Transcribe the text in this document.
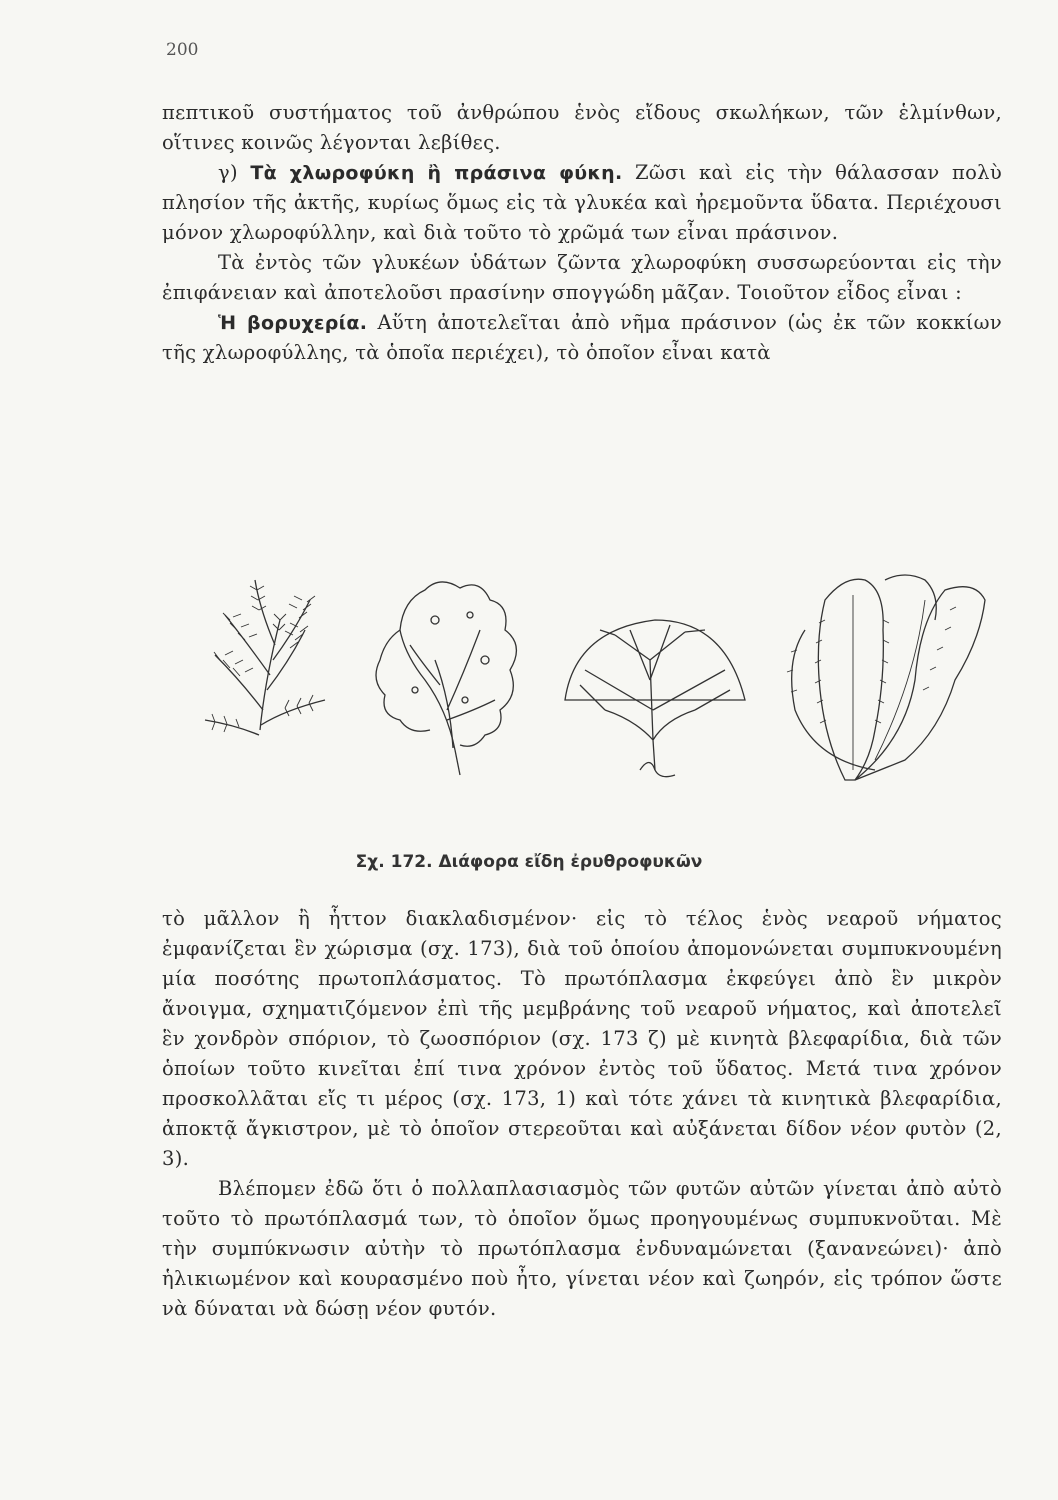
200

πεπτικοῦ συστήματος τοῦ ἀνθρώπου ἑνὸς εἴδους σκωλήκων, τῶν ἑλμίνθων, οἵτινες κοινῶς λέγονται λεβίθες.

γ) Τὰ χλωροφύκη ἢ πράσινα φύκη. Ζῶσι καὶ εἰς τὴν θάλασσαν πολὺ πλησίον τῆς ἀκτῆς, κυρίως ὅμως εἰς τὰ γλυκέα καὶ ἠρεμοῦντα ὕδατα. Περιέχουσι μόνον χλωροφύλλην, καὶ διὰ τοῦτο τὸ χρῶμά των εἶναι πράσινον.

Τὰ ἐντὸς τῶν γλυκέων ὑδάτων ζῶντα χλωροφύκη συσσωρεύονται εἰς τὴν ἐπιφάνειαν καὶ ἀποτελοῦσι πρασίνην σπογγώδη μᾶζαν. Τοιοῦτον εἶδος εἶναι :

Ἡ βορυχερία. Αὕτη ἀποτελεῖται ἀπὸ νῆμα πράσινον (ὡς ἐκ τῶν κοκκίων τῆς χλωροφύλλης, τὰ ὁποῖα περιέχει), τὸ ὁποῖον εἶναι κατὰ

Σχ. 172. Διάφορα εἴδη ἐρυθροφυκῶν

τὸ μᾶλλον ἢ ἧττον διακλαδισμένον· εἰς τὸ τέλος ἑνὸς νεαροῦ νήματος ἐμφανίζεται ἓν χώρισμα (σχ. 173), διὰ τοῦ ὁποίου ἀπομονώνεται συμπυκνουμένη μία ποσότης πρωτοπλάσματος. Τὸ πρωτόπλασμα ἐκφεύγει ἀπὸ ἓν μικρὸν ἄνοιγμα, σχηματιζόμενον ἐπὶ τῆς μεμβράνης τοῦ νεαροῦ νήματος, καὶ ἀποτελεῖ ἓν χονδρὸν σπόριον, τὸ ζωοσπόριον (σχ. 173 ζ) μὲ κινητὰ βλεφαρίδια, διὰ τῶν ὁποίων τοῦτο κινεῖται ἐπί τινα χρόνον ἐντὸς τοῦ ὕδατος. Μετά τινα χρόνον προσκολλᾶται εἴς τι μέρος (σχ. 173, 1) καὶ τότε χάνει τὰ κινητικὰ βλεφαρίδια, ἀποκτᾷ ἄγκιστρον, μὲ τὸ ὁποῖον στερεοῦται καὶ αὐξάνεται δίδον νέον φυτὸν (2, 3).

Βλέπομεν ἐδῶ ὅτι ὁ πολλαπλασιασμὸς τῶν φυτῶν αὐτῶν γίνεται ἀπὸ αὐτὸ τοῦτο τὸ πρωτόπλασμά των, τὸ ὁποῖον ὅμως προηγουμένως συμπυκνοῦται. Μὲ τὴν συμπύκνωσιν αὐτὴν τὸ πρωτόπλασμα ἐνδυναμώνεται (ξανανεώνει)· ἀπὸ ἡλικιωμένον καὶ κουρασμένο ποὺ ἦτο, γίνεται νέον καὶ ζωηρόν, εἰς τρόπον ὥστε νὰ δύναται νὰ δώσῃ νέον φυτόν.
